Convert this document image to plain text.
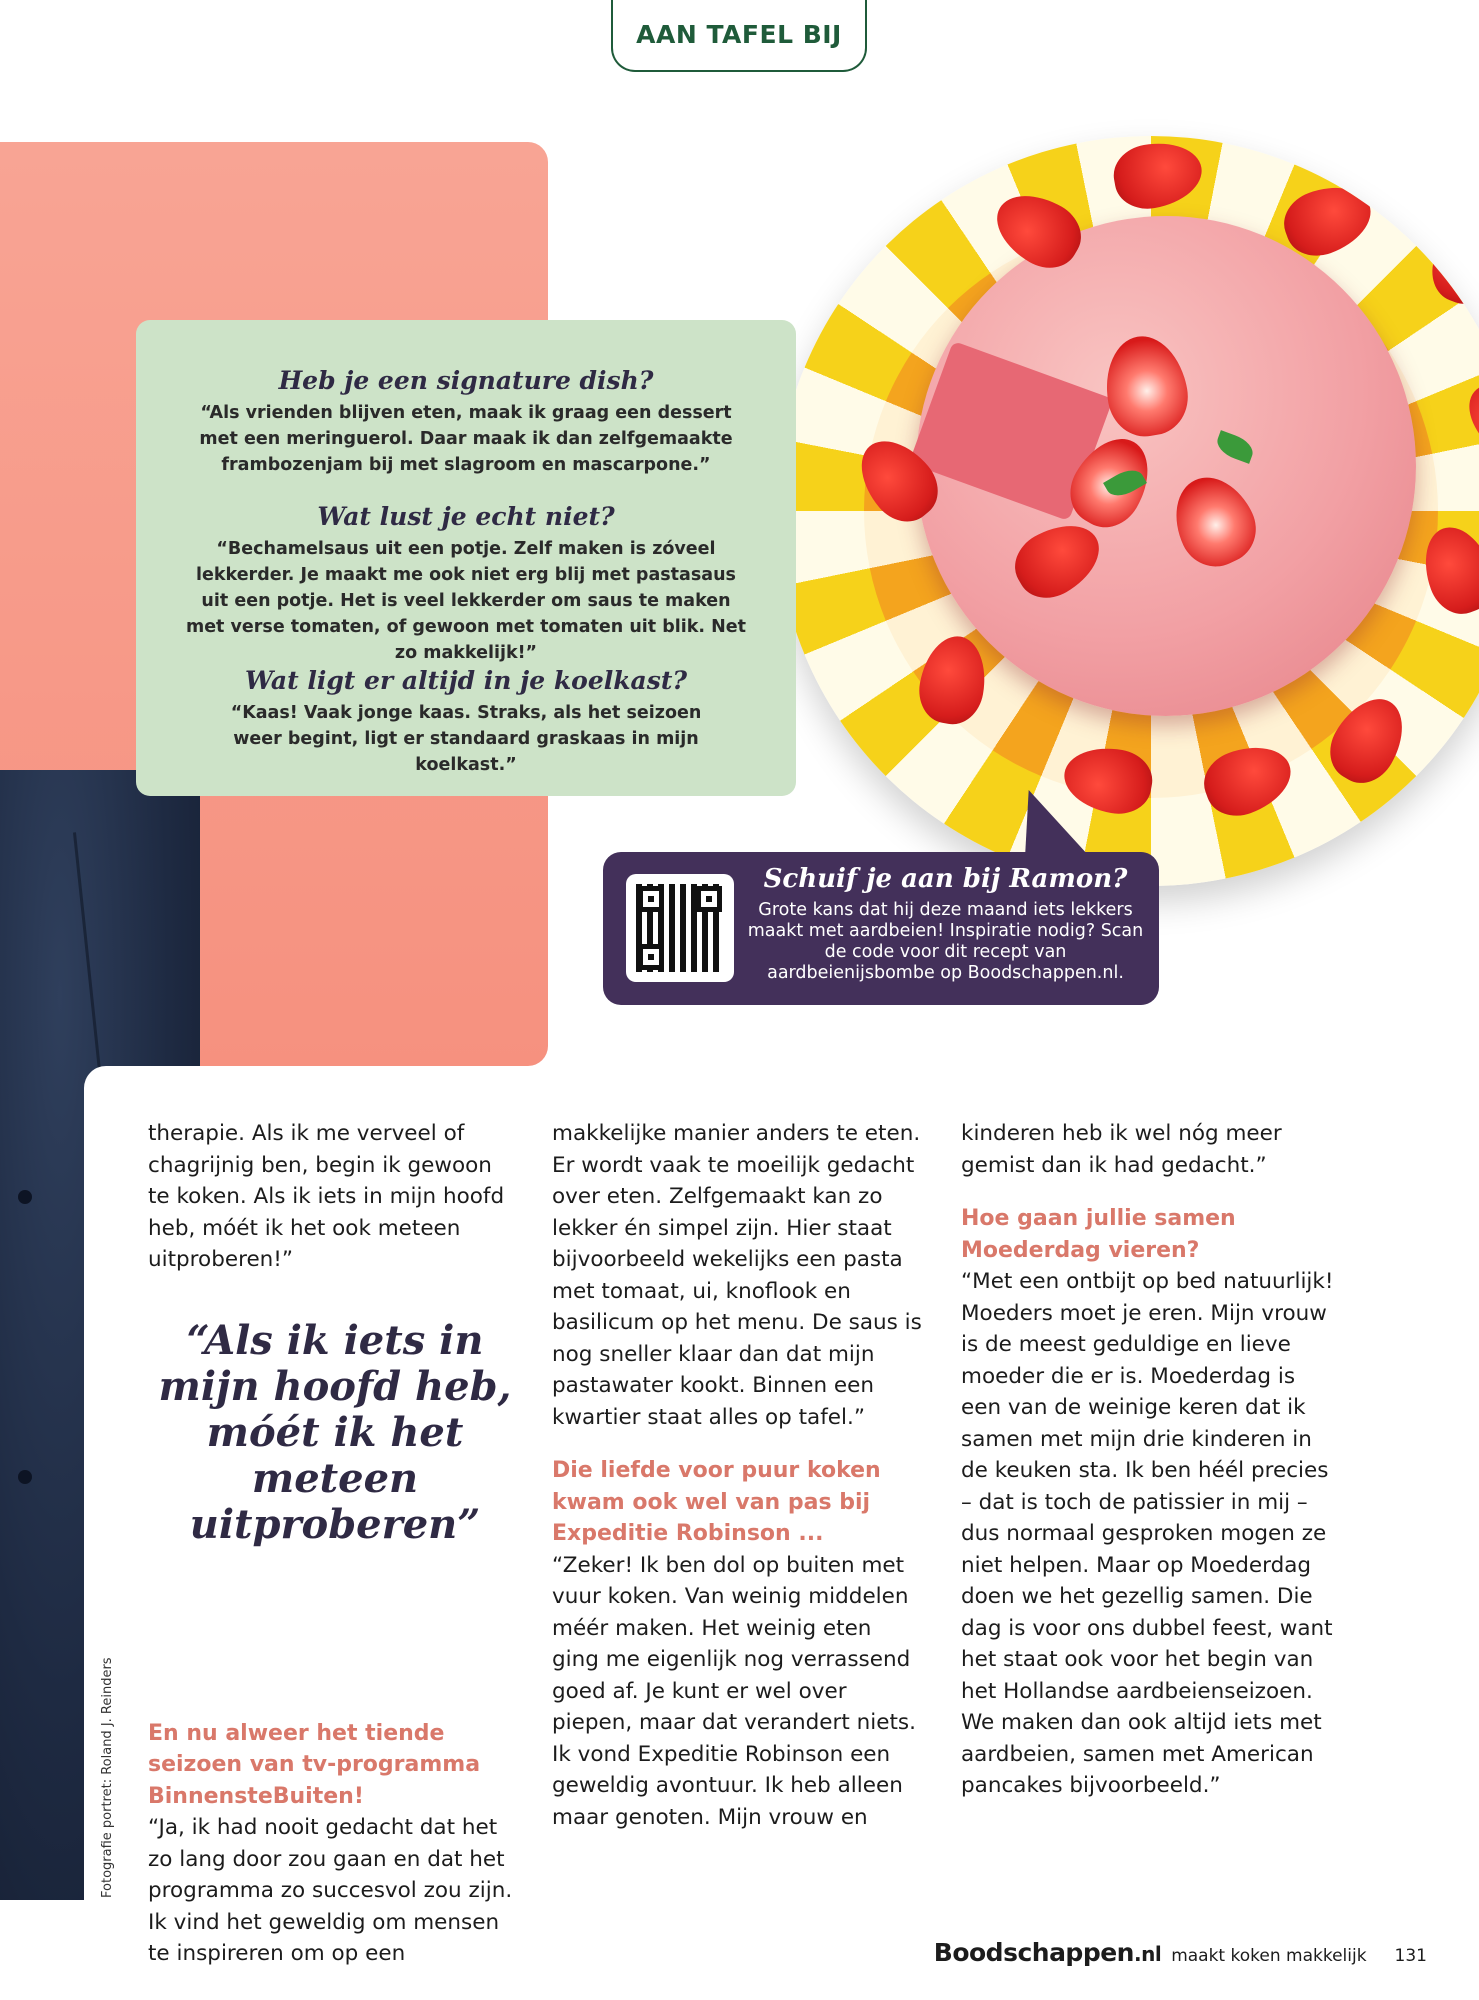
AAN TAFEL BIJ
Heb je een signature dish?
“Als vrienden blijven eten, maak ik graag een dessert met een meringuerol. Daar maak ik dan zelfgemaakte frambozenjam bij met slagroom en mascarpone.”
Wat lust je echt niet?
“Bechamelsaus uit een potje. Zelf maken is zóveel lekkerder. Je maakt me ook niet erg blij met pastasaus uit een potje. Het is veel lekkerder om saus te maken met verse tomaten, of gewoon met tomaten uit blik. Net zo makkelijk!”
Wat ligt er altijd in je koelkast?
“Kaas! Vaak jonge kaas. Straks, als het seizoen weer begint, ligt er standaard graskaas in mijn koelkast.”
Schuif je aan bij Ramon?
Grote kans dat hij deze maand iets lekkers maakt met aardbeien! Inspiratie nodig? Scan de code voor dit recept van aardbeienijsbombe op Boodschappen.nl.

therapie. Als ik me verveel of chagrijnig ben, begin ik gewoon te koken. Als ik iets in mijn hoofd heb, móét ik het ook meteen uitproberen!”

En nu alweer het tiende seizoen van tv-programma BinnensteBuiten!

“Ja, ik had nooit gedacht dat het zo lang door zou gaan en dat het programma zo succesvol zou zijn. Ik vind het geweldig om mensen te inspireren om op een

“Als ik iets in mijn hoofd heb, móét ik het meteen uitproberen”

makkelijke manier anders te eten. Er wordt vaak te moeilijk gedacht over eten. Zelfgemaakt kan zo lekker én simpel zijn. Hier staat bijvoorbeeld wekelijks een pasta met tomaat, ui, knoflook en basilicum op het menu. De saus is nog sneller klaar dan dat mijn pastawater kookt. Binnen een kwartier staat alles op tafel.”

Die liefde voor puur koken kwam ook wel van pas bij Expeditie Robinson ...

“Zeker! Ik ben dol op buiten met vuur koken. Van weinig middelen méér maken. Het weinig eten ging me eigenlijk nog verrassend goed af. Je kunt er wel over piepen, maar dat verandert niets. Ik vond Expeditie Robinson een geweldig avontuur. Ik heb alleen maar genoten. Mijn vrouw en

kinderen heb ik wel nóg meer gemist dan ik had gedacht.”

Hoe gaan jullie samen Moederdag vieren?

“Met een ontbijt op bed natuurlijk! Moeders moet je eren. Mijn vrouw is de meest geduldige en lieve moeder die er is. Moederdag is een van de weinige keren dat ik samen met mijn drie kinderen in de keuken sta. Ik ben héél precies – dat is toch de patissier in mij – dus normaal gesproken mogen ze niet helpen. Maar op Moederdag doen we het gezellig samen. Die dag is voor ons dubbel feest, want het staat ook voor het begin van het Hollandse aardbeienseizoen.

We maken dan ook altijd iets met aardbeien, samen met American pancakes bijvoorbeeld.”

Fotografie portret: Roland J. Reinders
Boodschappen.nl maakt koken makkelijk 131
